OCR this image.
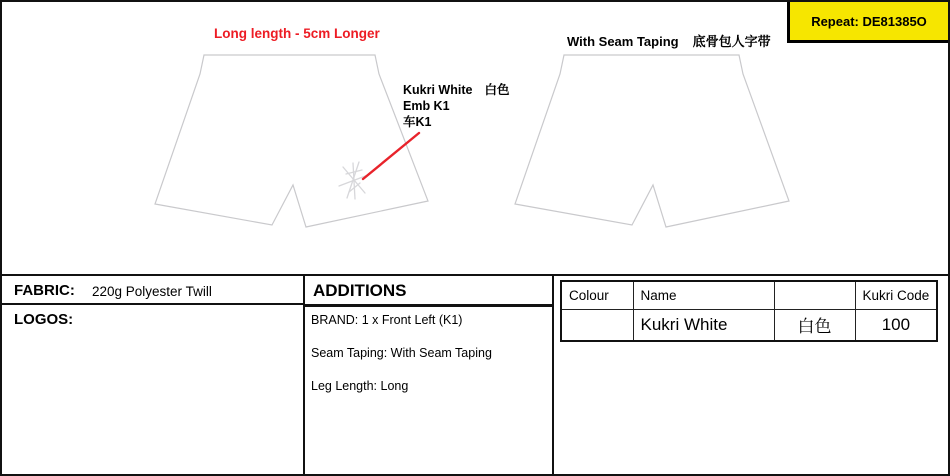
Long length - 5cm Longer
With Seam Taping 底骨包人字带
Kukri White 白色
Emb K1
车K1
Repeat: DE81385O
FABRIC: 220g Polyester Twill
LOGOS:
ADDITIONS
BRAND: 1 x Front Left (K1)
Seam Taping: With Seam Taping
Leg Length: Long
Colour	Name		Kukri Code
	Kukri White	白色	100
